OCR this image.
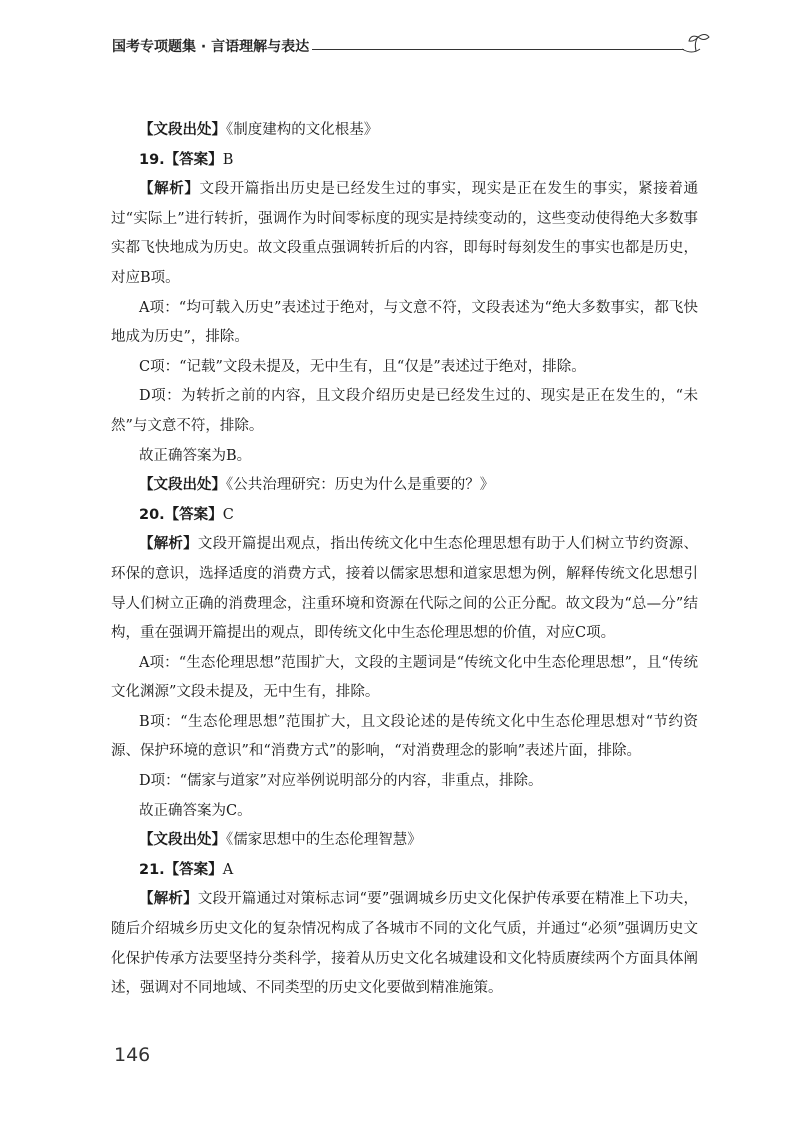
国考专项题集 · 言语理解与表达
【文段出处】《制度建构的文化根基》
19.【答案】B
【解析】文段开篇指出历史是已经发生过的事实，现实是正在发生的事实，紧接着通过“实际上”进行转折，强调作为时间零标度的现实是持续变动的，这些变动使得绝大多数事实都飞快地成为历史。故文段重点强调转折后的内容，即每时每刻发生的事实也都是历史，对应B项。
A项：“均可载入历史”表述过于绝对，与文意不符，文段表述为“绝大多数事实，都飞快地成为历史”，排除。
C项：“记载”文段未提及，无中生有，且“仅是”表述过于绝对，排除。
D项：为转折之前的内容，且文段介绍历史是已经发生过的、现实是正在发生的，“未然”与文意不符，排除。
故正确答案为B。
【文段出处】《公共治理研究：历史为什么是重要的？》
20.【答案】C
【解析】文段开篇提出观点，指出传统文化中生态伦理思想有助于人们树立节约资源、环保的意识，选择适度的消费方式，接着以儒家思想和道家思想为例，解释传统文化思想引导人们树立正确的消费理念，注重环境和资源在代际之间的公正分配。故文段为“总—分”结构，重在强调开篇提出的观点，即传统文化中生态伦理思想的价值，对应C项。
A项：“生态伦理思想”范围扩大，文段的主题词是“传统文化中生态伦理思想”，且“传统文化渊源”文段未提及，无中生有，排除。
B项：“生态伦理思想”范围扩大，且文段论述的是传统文化中生态伦理思想对“节约资源、保护环境的意识”和“消费方式”的影响，“对消费理念的影响”表述片面，排除。
D项：“儒家与道家”对应举例说明部分的内容，非重点，排除。
故正确答案为C。
【文段出处】《儒家思想中的生态伦理智慧》
21.【答案】A
【解析】文段开篇通过对策标志词“要”强调城乡历史文化保护传承要在精准上下功夫，随后介绍城乡历史文化的复杂情况构成了各城市不同的文化气质，并通过“必须”强调历史文化保护传承方法要坚持分类科学，接着从历史文化名城建设和文化特质赓续两个方面具体阐述，强调对不同地域、不同类型的历史文化要做到精准施策。
146
